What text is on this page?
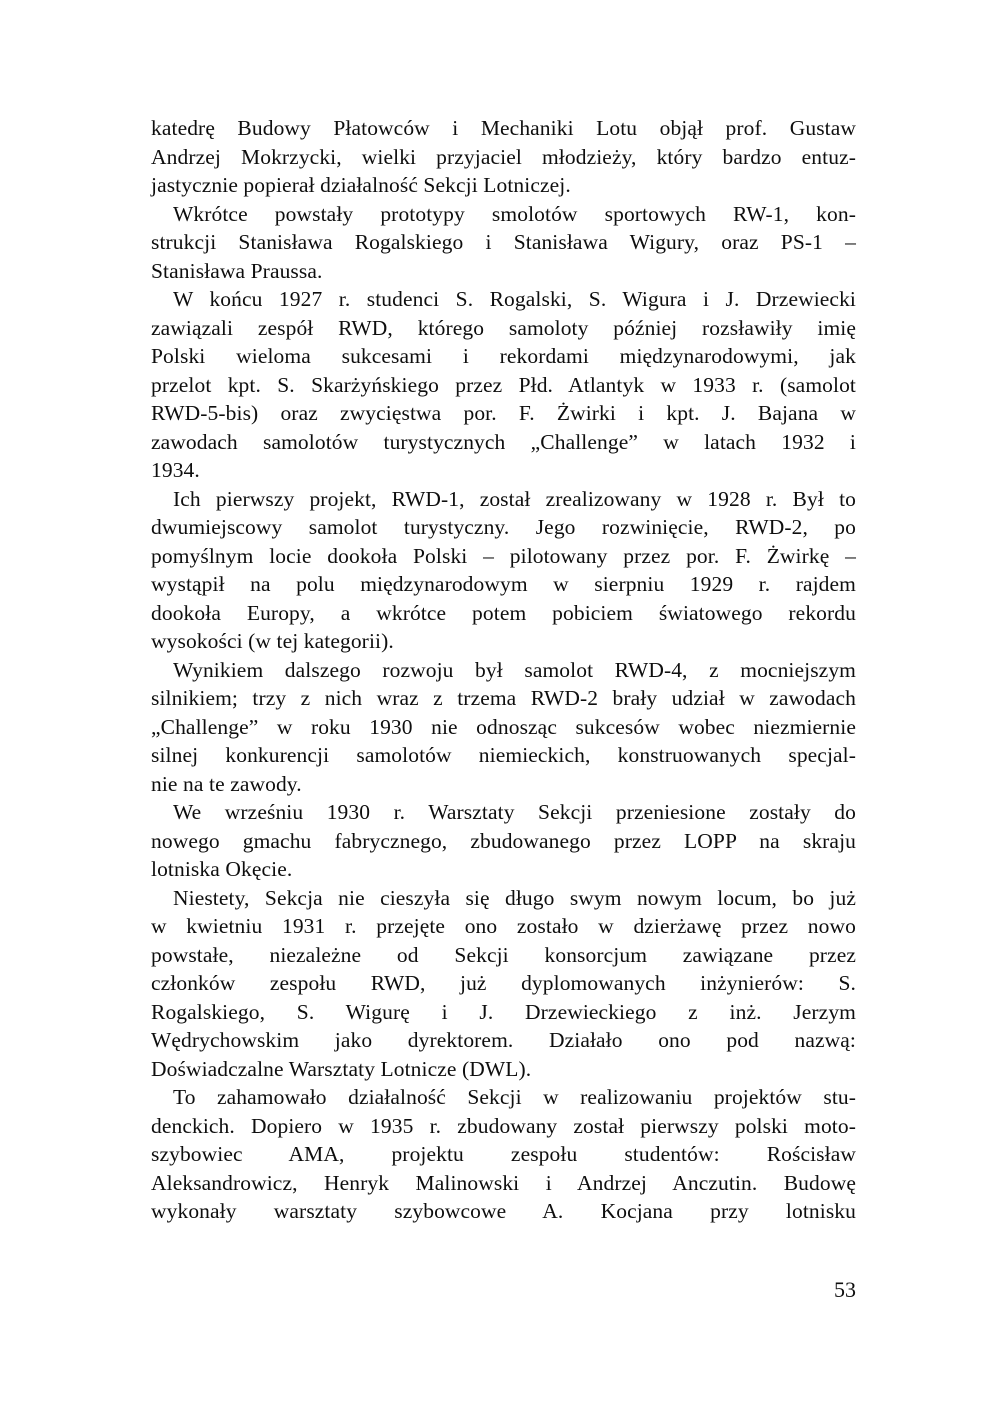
katedrę Budowy Płatowców i Mechaniki Lotu objął prof. Gustaw
Andrzej Mokrzycki, wielki przyjaciel młodzieży, który bardzo entuz-
jastycznie popierał działalność Sekcji Lotniczej.
Wkrótce powstały prototypy smolotów sportowych RW-1, kon-
strukcji Stanisława Rogalskiego i Stanisława Wigury, oraz PS-1 –
Stanisława Praussa.
W końcu 1927 r. studenci S. Rogalski, S. Wigura i J. Drzewiecki
zawiązali zespół RWD, którego samoloty później rozsławiły imię
Polski wieloma sukcesami i rekordami międzynarodowymi, jak
przelot kpt. S. Skarżyńskiego przez Płd. Atlantyk w 1933 r. (samolot
RWD-5-bis) oraz zwycięstwa por. F. Żwirki i kpt. J. Bajana w
zawodach samolotów turystycznych „Challenge” w latach 1932 i
1934.
Ich pierwszy projekt, RWD-1, został zrealizowany w 1928 r. Był to
dwumiejscowy samolot turystyczny. Jego rozwinięcie, RWD-2, po
pomyślnym locie dookoła Polski – pilotowany przez por. F. Żwirkę –
wystąpił na polu międzynarodowym w sierpniu 1929 r. rajdem
dookoła Europy, a wkrótce potem pobiciem światowego rekordu
wysokości (w tej kategorii).
Wynikiem dalszego rozwoju był samolot RWD-4, z mocniejszym
silnikiem; trzy z nich wraz z trzema RWD-2 brały udział w zawodach
„Challenge” w roku 1930 nie odnosząc sukcesów wobec niezmiernie
silnej konkurencji samolotów niemieckich, konstruowanych specjal-
nie na te zawody.
We wrześniu 1930 r. Warsztaty Sekcji przeniesione zostały do
nowego gmachu fabrycznego, zbudowanego przez LOPP na skraju
lotniska Okęcie.
Niestety, Sekcja nie cieszyła się długo swym nowym locum, bo już
w kwietniu 1931 r. przejęte ono zostało w dzierżawę przez nowo
powstałe, niezależne od Sekcji konsorcjum zawiązane przez
członków zespołu RWD, już dyplomowanych inżynierów: S.
Rogalskiego, S. Wigurę i J. Drzewieckiego z inż. Jerzym
Wędrychowskim jako dyrektorem. Działało ono pod nazwą:
Doświadczalne Warsztaty Lotnicze (DWL).
To zahamowało działalność Sekcji w realizowaniu projektów stu-
denckich. Dopiero w 1935 r. zbudowany został pierwszy polski moto-
szybowiec AMA, projektu zespołu studentów: Rościsław
Aleksandrowicz, Henryk Malinowski i Andrzej Anczutin. Budowę
wykonały warsztaty szybowcowe A. Kocjana przy lotnisku
53
